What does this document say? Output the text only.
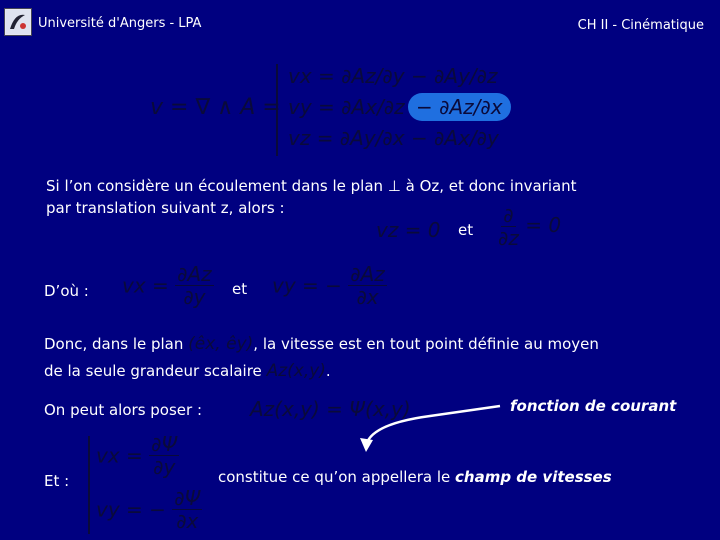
Université d'Angers - LPA	CH II - Cinématique
v = ∇ ∧ A =
vx = ∂Az/∂y − ∂Ay/∂z
vy = ∂Ax/∂z − ∂Az/∂x
vz = ∂Ay/∂x − ∂Ax/∂y
Si l’on considère un écoulement dans le plan ⊥ à Oz, et donc invariant
par translation suivant z, alors :
vz = 0 et $\frac{\partial}{\partial z} = 0$
D’où : vx = $\frac{\partial Az}{\partial y}$ et vy = − $\frac{\partial Az}{\partial x}$
Donc, dans le plan (êx, êy), la vitesse est en tout point définie au moyen
de la seule grandeur scalaire Az(x,y).
On peut alors poser : Az(x,y) = Ψ(x,y)	fonction de courant
Et :
vx = $\frac{\partial\Psi}{\partial y}$
vy = − $\frac{\partial\Psi}{\partial x}$
constitue ce qu’on appellera le champ de vitesses
